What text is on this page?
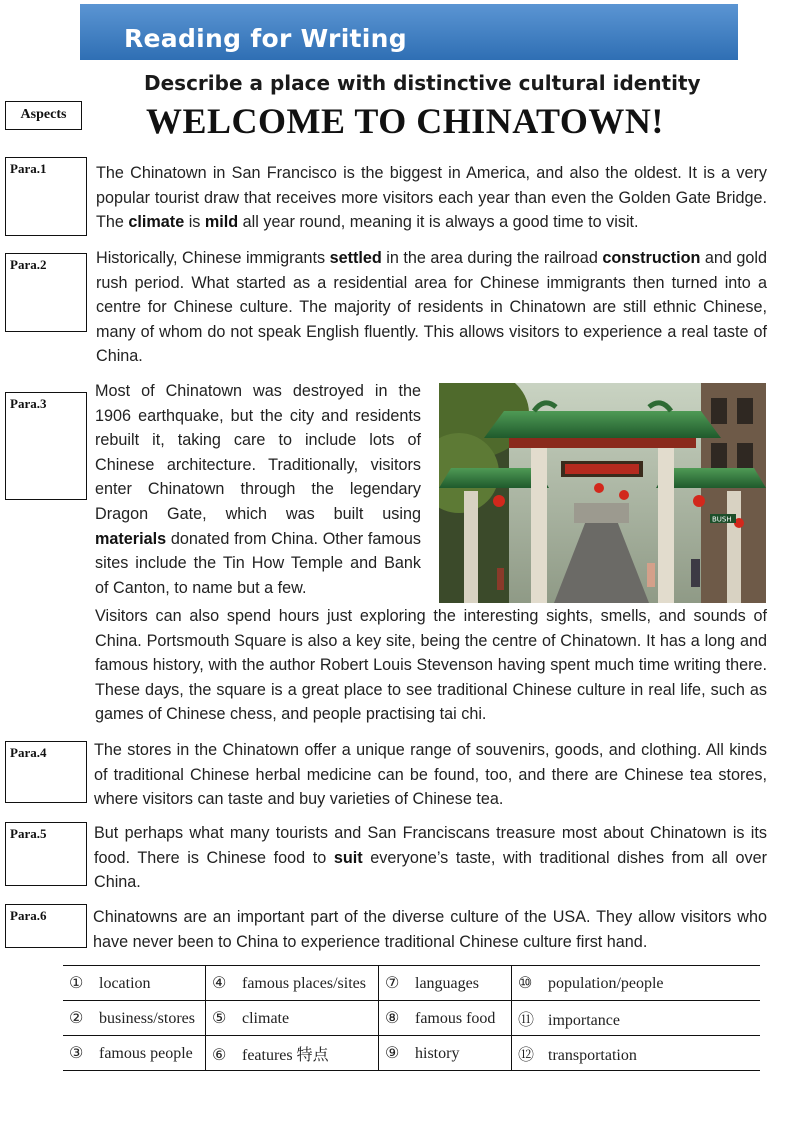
Reading for Writing
Describe a place with distinctive cultural identity
WELCOME TO CHINATOWN!
Aspects
Para.1
Para.2
Para.3
Para.4
Para.5
Para.6

The Chinatown in San Francisco is the biggest in America, and also the oldest. It is a very popular tourist draw that receives more visitors each year than even the Golden Gate Bridge. The climate is mild all year round, meaning it is always a good time to visit.

Historically, Chinese immigrants settled in the area during the railroad construction and gold rush period. What started as a residential area for Chinese immigrants then turned into a centre for Chinese culture. The majority of residents in Chinatown are still ethnic Chinese, many of whom do not speak English fluently. This allows visitors to experience a real taste of China.

Most of Chinatown was destroyed in the 1906 earthquake, but the city and residents rebuilt it, taking care to include lots of Chinese architecture. Traditionally, visitors enter Chinatown through the legendary Dragon Gate, which was built using materials donated from China. Other famous sites include the Tin How Temple and Bank of Canton, to name but a few.

Visitors can also spend hours just exploring the interesting sights, smells, and sounds of China. Portsmouth Square is also a key site, being the centre of Chinatown. It has a long and famous history, with the author Robert Louis Stevenson having spent much time writing there. These days, the square is a great place to see traditional Chinese culture in real life, such as games of Chinese chess, and people practising tai chi.

The stores in the Chinatown offer a unique range of souvenirs, goods, and clothing. All kinds of traditional Chinese herbal medicine can be found, too, and there are Chinese tea stores, where visitors can taste and buy varieties of Chinese tea.

But perhaps what many tourists and San Franciscans treasure most about Chinatown is its food. There is Chinese food to suit everyone’s taste, with traditional dishes from all over China.

Chinatowns are an important part of the diverse culture of the USA. They allow visitors who have never been to China to experience traditional Chinese culture first hand.

BUSH
① location	④ famous places/sites	⑦ languages	⑩ population/people
② business/stores	⑤ climate	⑧ famous food	⑪ importance
③ famous people	⑥ features 特点	⑨ history	⑫ transportation
